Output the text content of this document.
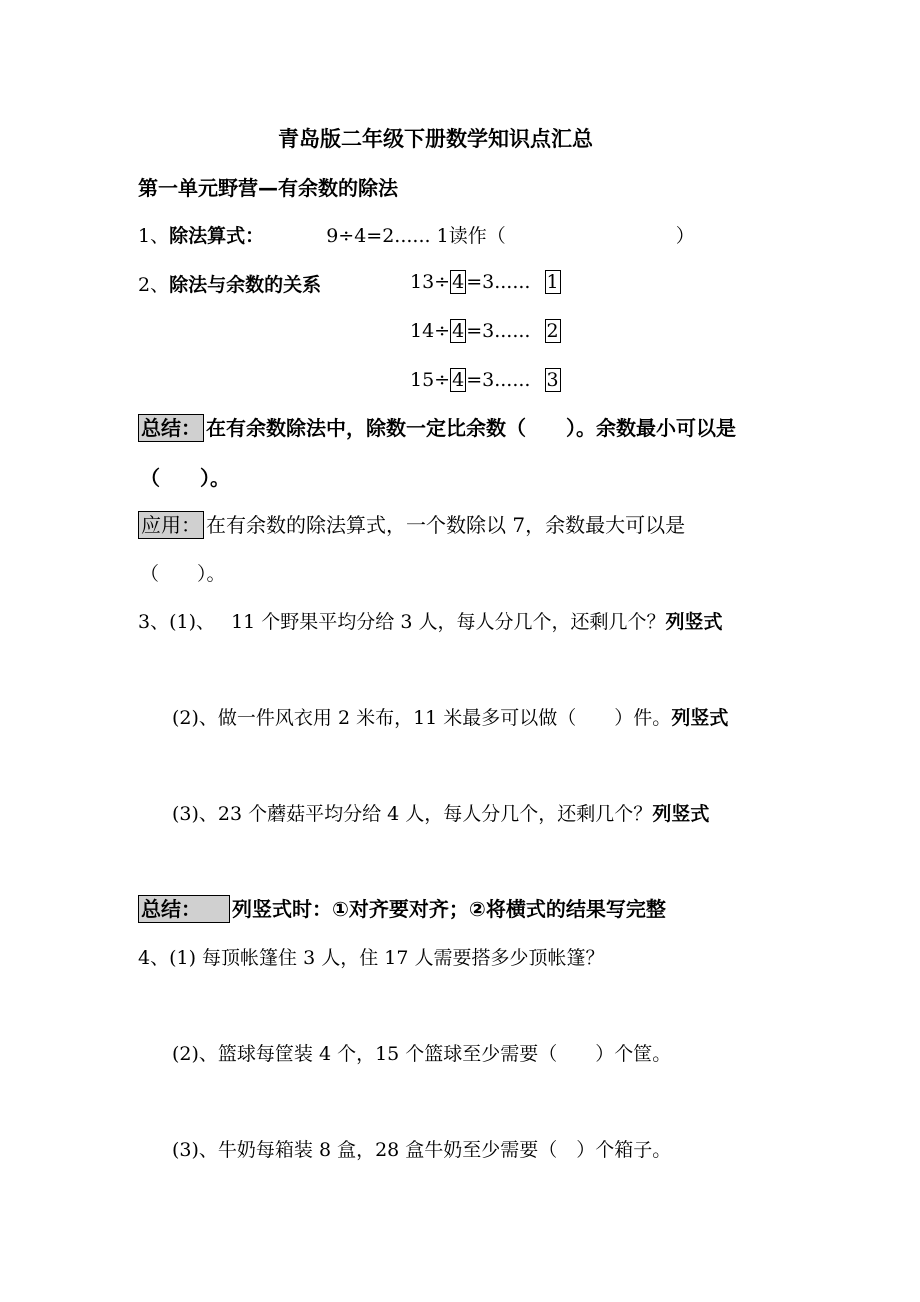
青岛版二年级下册数学知识点汇总
第一单元野营—有余数的除法
1、除法算式：	9÷4=2...... 1读作（	）
2、除法与余数的关系	13÷ 4 =3...... 1
14÷ 4 =3...... 2
15÷ 4 =3...... 3
总结： 在有余数除法中，除数一定比余数（　　）。余数最小可以是
（　　）。
应用： 在有余数的除法算式，一个数除以 7，余数最大可以是
（　　）。
3、(1)、 11 个野果平均分给 3 人，每人分几个，还剩几个？列竖式
(2)、做一件风衣用 2 米布，11 米最多可以做（　　）件。列竖式
(3)、23 个蘑菇平均分给 4 人，每人分几个，还剩几个？列竖式
总结： 列竖式时：①对齐要对齐；②将横式的结果写完整
4、(1) 每顶帐篷住 3 人，住 17 人需要搭多少顶帐篷？
(2)、篮球每筐装 4 个，15 个篮球至少需要（　　）个筐。
(3)、牛奶每箱装 8 盒，28 盒牛奶至少需要（　）个箱子。
